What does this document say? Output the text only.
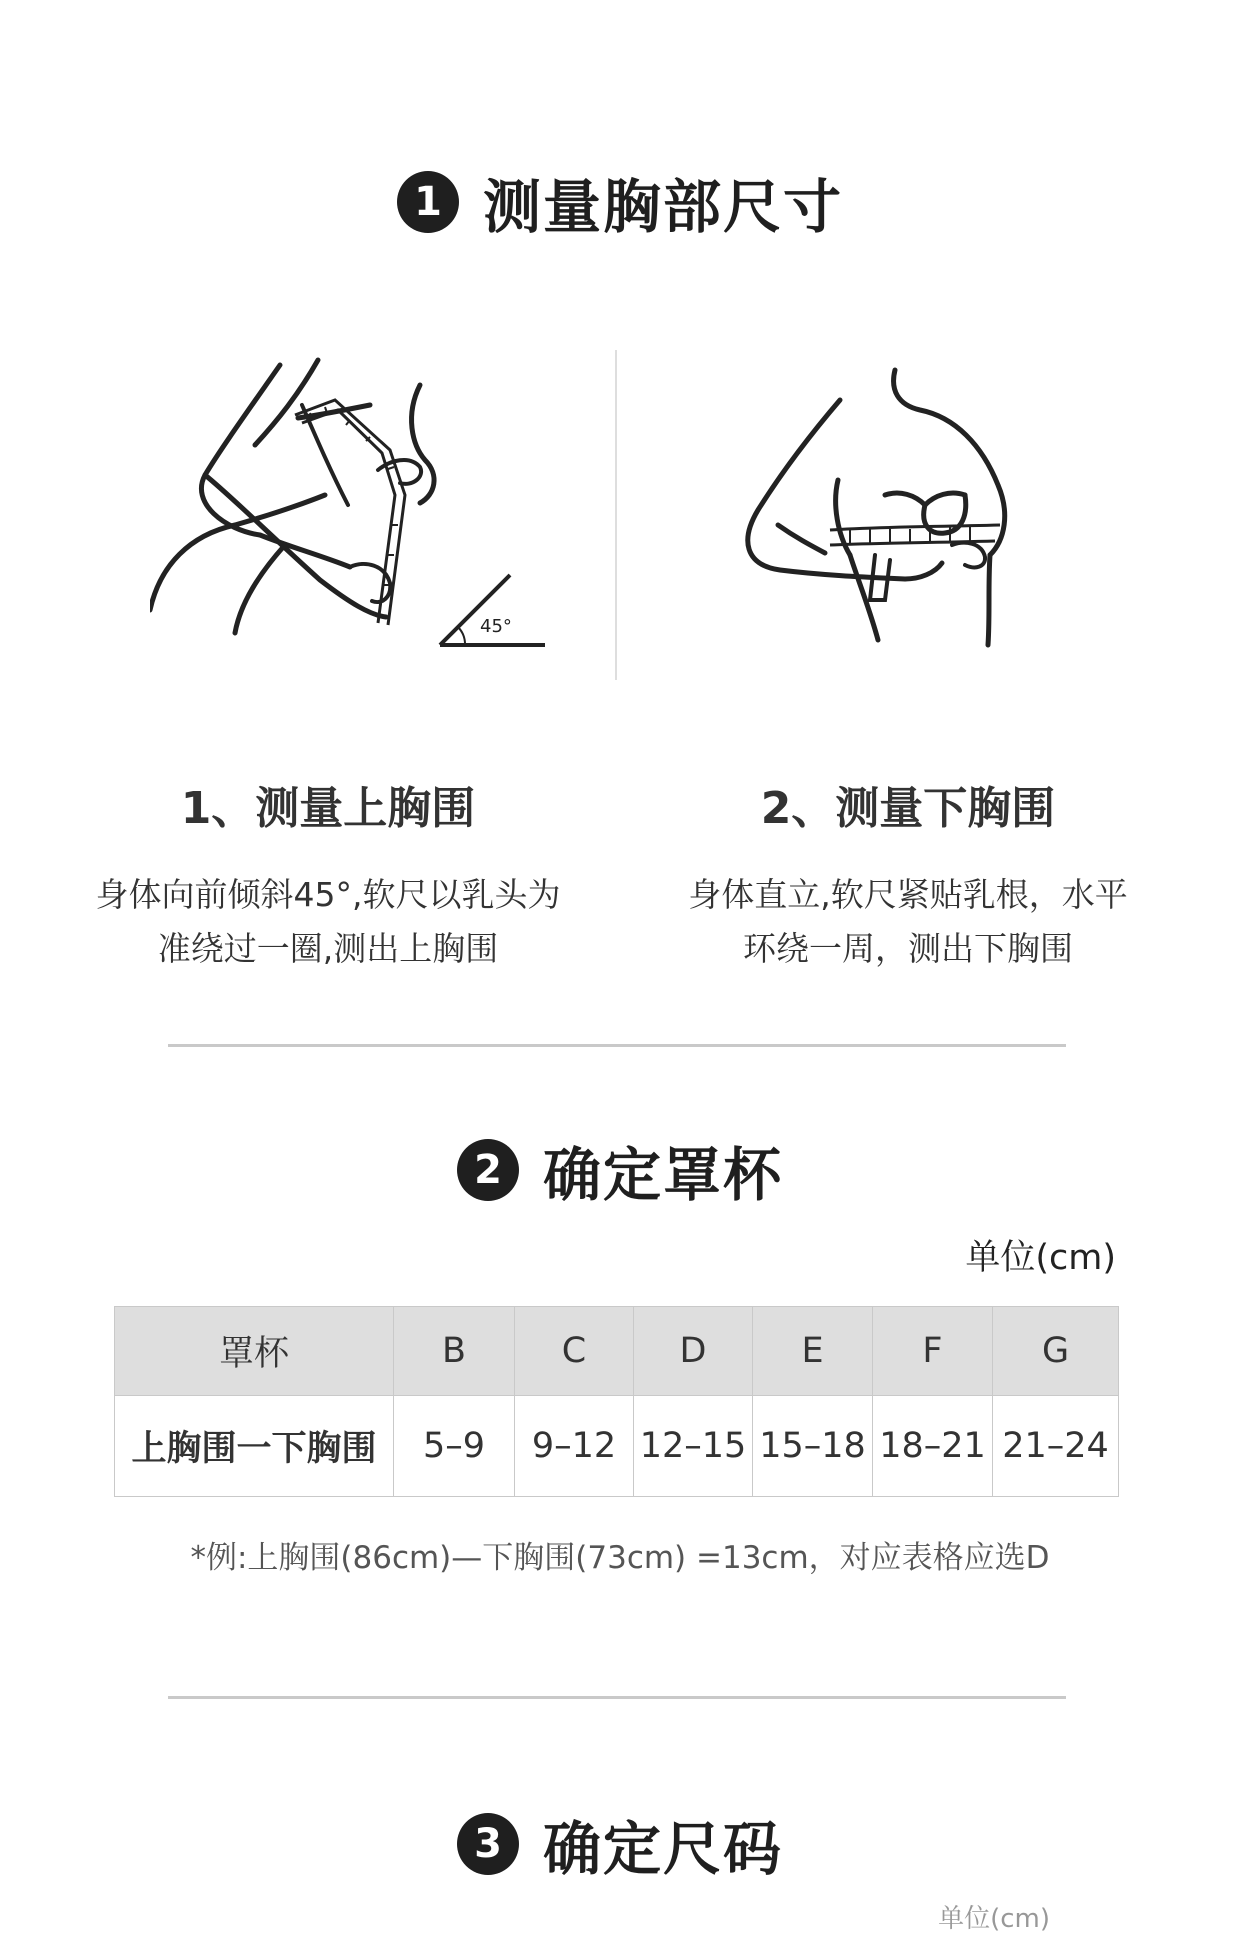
1 测量胸部尺寸
45°
1、测量上胸围
身体向前倾斜45°,软尺以乳头为
准绕过一圈,测出上胸围
2、测量下胸围
身体直立,软尺紧贴乳根，水平
环绕一周，测出下胸围
2 确定罩杯
单位(cm)
罩杯	B	C	D	E	F	G
上胸围一下胸围	5–9	9–12	12–15	15–18	18–21	21–24
*例:上胸围(86cm)—下胸围(73cm) =13cm，对应表格应选D
3 确定尺码
单位(cm)
